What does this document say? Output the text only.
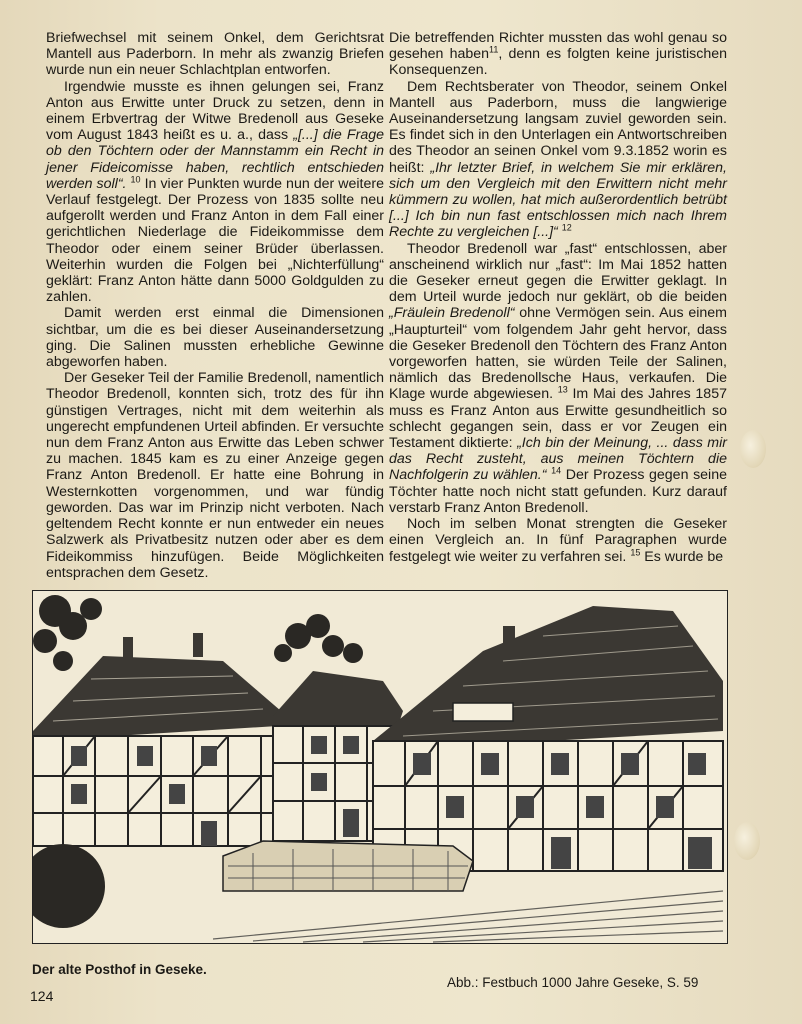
Briefwechsel mit seinem Onkel, dem Gerichtsrat Mantell aus Paderborn. In mehr als zwanzig Briefen wurde nun ein neuer Schlachtplan entworfen.

Irgendwie musste es ihnen gelungen sei, Franz Anton aus Erwitte unter Druck zu setzen, denn in einem Erbvertrag der Witwe Bredenoll aus Geseke vom August 1843 heißt es u. a., dass „[...] die Frage ob den Töchtern oder der Mannstamm ein Recht in jener Fideicomisse haben, rechtlich entschieden werden soll“. $^{10}$ In vier Punkten wurde nun der weitere Verlauf festgelegt. Der Prozess von 1835 sollte neu aufgerollt werden und Franz Anton in dem Fall einer gerichtlichen Niederlage die Fideikommisse dem Theodor oder einem seiner Brüder überlassen. Weiterhin wurden die Folgen bei „Nichterfüllung“ geklärt: Franz Anton hätte dann 5000 Goldgulden zu zahlen.

Damit werden erst einmal die Dimensionen sichtbar, um die es bei dieser Auseinandersetzung ging. Die Salinen mussten erhebliche Gewinne abgeworfen haben.

Der Geseker Teil der Familie Bredenoll, namentlich Theodor Bredenoll, konnten sich, trotz des für ihn günstigen Vertrages, nicht mit dem weiterhin als ungerecht empfundenen Urteil abfinden. Er versuchte nun dem Franz Anton aus Erwitte das Leben schwer zu machen. 1845 kam es zu einer Anzeige gegen Franz Anton Bredenoll. Er hatte eine Bohrung in Westernkotten vorgenommen, und war fündig geworden. Das war im Prinzip nicht verboten. Nach geltendem Recht konnte er nun entweder ein neues Salzwerk als Privatbesitz nutzen oder aber es dem Fideikommiss hinzufügen. Beide Möglichkeiten entsprachen dem Gesetz.

Die betreffenden Richter mussten das wohl genau so gesehen haben$^{11}$, denn es folgten keine juristischen Konsequenzen.

Dem Rechtsberater von Theodor, seinem Onkel Mantell aus Paderborn, muss die langwierige Auseinandersetzung langsam zuviel geworden sein. Es findet sich in den Unterlagen ein Antwortschreiben des Theodor an seinen Onkel vom 9.3.1852 worin es heißt: „Ihr letzter Brief, in welchem Sie mir erklären, sich um den Vergleich mit den Erwittern nicht mehr kümmern zu wollen, hat mich außerordentlich betrübt [...] Ich bin nun fast entschlossen mich nach Ihrem Rechte zu vergleichen [...]“ $^{12}$

Theodor Bredenoll war „fast“ entschlossen, aber anscheinend wirklich nur „fast“: Im Mai 1852 hatten die Geseker erneut gegen die Erwitter geklagt. In dem Urteil wurde jedoch nur geklärt, ob die beiden „Fräulein Bredenoll“ ohne Vermögen sein. Aus einem „Haupturteil“ vom folgendem Jahr geht hervor, dass die Geseker Bredenoll den Töchtern des Franz Anton vorgeworfen hatten, sie würden Teile der Salinen, nämlich das Bredenollsche Haus, verkaufen. Die Klage wurde abgewiesen. $^{13}$ Im Mai des Jahres 1857 muss es Franz Anton aus Erwitte gesundheitlich so schlecht gegangen sein, dass er vor Zeugen ein Testament diktierte: „Ich bin der Meinung, ... dass mir das Recht zusteht, aus meinen Töchtern die Nachfolgerin zu wählen.“ $^{14}$ Der Prozess gegen seine Töchter hatte noch nicht statt gefunden. Kurz darauf verstarb Franz Anton Bredenoll.

Noch im selben Monat strengten die Geseker einen Vergleich an. In fünf Paragraphen wurde festgelegt wie weiter zu verfahren sei. $^{15}$ Es wurde be

Der alte Posthof in Geseke.
Abb.: Festbuch 1000 Jahre Geseke, S. 59
124
